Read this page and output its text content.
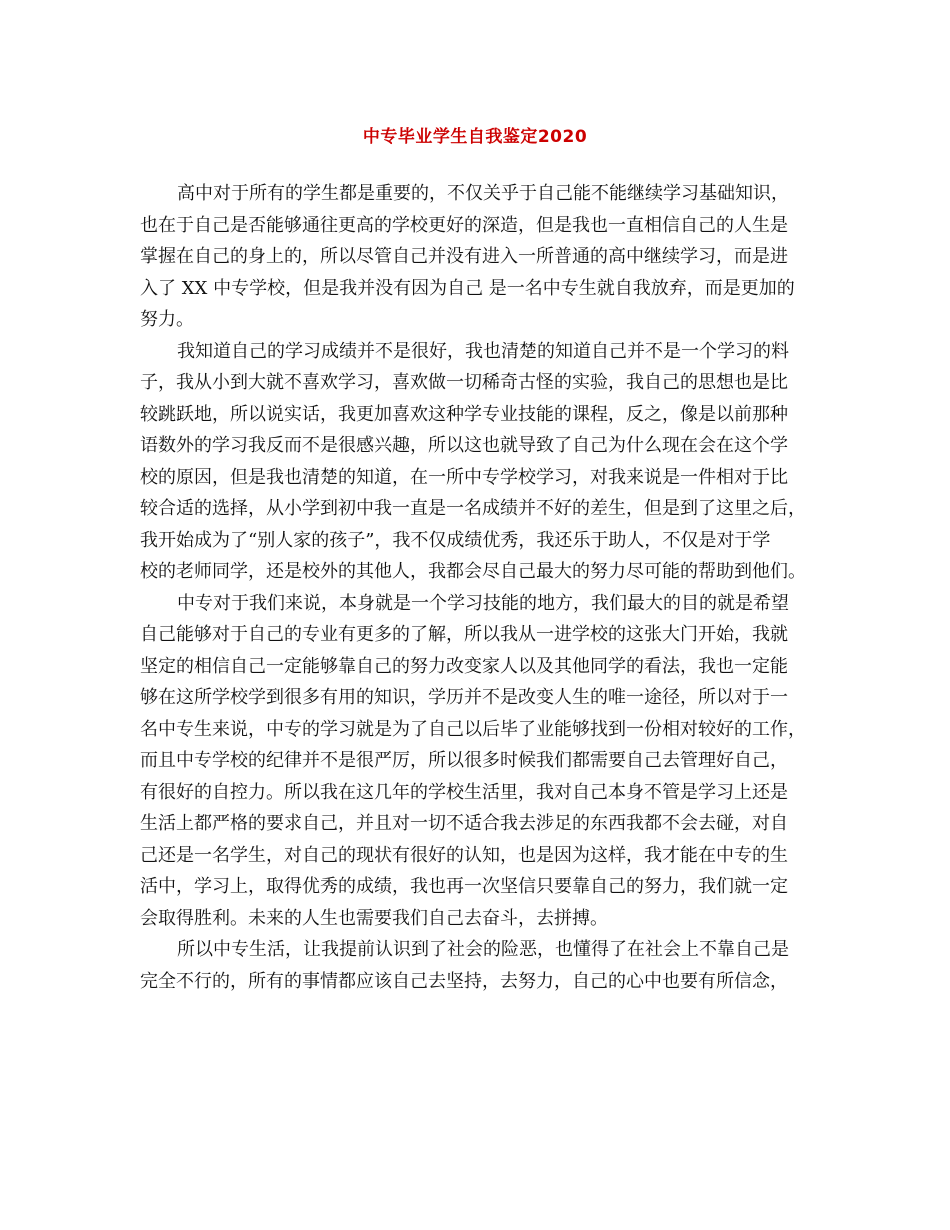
中专毕业学生自我鉴定2020
高中对于所有的学生都是重要的，不仅关乎于自己能不能继续学习基础知识，
也在于自己是否能够通往更高的学校更好的深造，但是我也一直相信自己的人生是
掌握在自己的身上的，所以尽管自己并没有进入一所普通的高中继续学习，而是进
入了 XX 中专学校，但是我并没有因为自己 是一名中专生就自我放弃，而是更加的
努力。
我知道自己的学习成绩并不是很好，我也清楚的知道自己并不是一个学习的料
子，我从小到大就不喜欢学习，喜欢做一切稀奇古怪的实验，我自己的思想也是比
较跳跃地，所以说实话，我更加喜欢这种学专业技能的课程，反之，像是以前那种
语数外的学习我反而不是很感兴趣，所以这也就导致了自己为什么现在会在这个学
校的原因，但是我也清楚的知道，在一所中专学校学习，对我来说是一件相对于比
较合适的选择，从小学到初中我一直是一名成绩并不好的差生，但是到了这里之后，
我开始成为了“别人家的孩子”，我不仅成绩优秀，我还乐于助人，不仅是对于学
校的老师同学，还是校外的其他人，我都会尽自己最大的努力尽可能的帮助到他们。
中专对于我们来说，本身就是一个学习技能的地方，我们最大的目的就是希望
自己能够对于自己的专业有更多的了解，所以我从一进学校的这张大门开始，我就
坚定的相信自己一定能够靠自己的努力改变家人以及其他同学的看法，我也一定能
够在这所学校学到很多有用的知识，学历并不是改变人生的唯一途径，所以对于一
名中专生来说，中专的学习就是为了自己以后毕了业能够找到一份相对较好的工作，
而且中专学校的纪律并不是很严厉，所以很多时候我们都需要自己去管理好自己，
有很好的自控力。所以我在这几年的学校生活里，我对自己本身不管是学习上还是
生活上都严格的要求自己，并且对一切不适合我去涉足的东西我都不会去碰，对自
己还是一名学生，对自己的现状有很好的认知，也是因为这样，我才能在中专的生
活中，学习上，取得优秀的成绩，我也再一次坚信只要靠自己的努力，我们就一定
会取得胜利。未来的人生也需要我们自己去奋斗，去拼搏。
所以中专生活，让我提前认识到了社会的险恶，也懂得了在社会上不靠自己是
完全不行的，所有的事情都应该自己去坚持，去努力，自己的心中也要有所信念，
